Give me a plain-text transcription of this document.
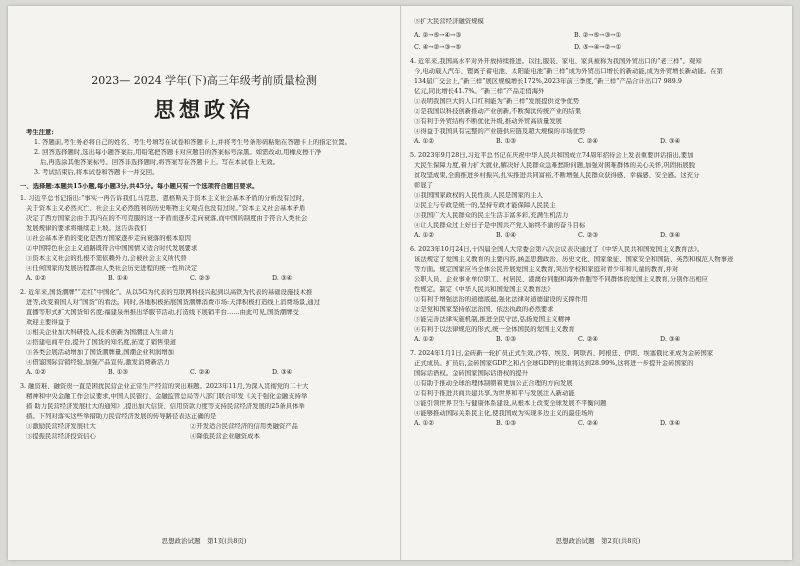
2023— 2024 学年(下)高三年级考前质量检测
思想政治
考生注意:
1. 答题前,考生务必将自己的姓名、考生号填写在试卷和答题卡上,并将考生号条形码粘贴在答题卡上的指定位置。
2. 回答选择题时,选出每小题答案后,用铅笔把答题卡对应题目的答案标号涂黑。如需改动,用橡皮擦干净
后,再选涂其他答案标号。回答非选择题时,将答案写在答题卡上。写在本试卷上无效。
3. 考试结束后,将本试卷和答题卡一并交回。
一、选择题:本题共15小题,每小题3分,共45分。每小题只有一个选项符合题目要求。
1. 习近平总书记指出:“事实一再告诉我们,马克思、恩格斯关于资本主义社会基本矛盾的分析没有过时,
关于资本主义必然灭亡、社会主义必然胜利的历史唯物主义观点也没有过时。”资本主义社会基本矛盾
决定了西方国家会由于其内在的不可克服的这一矛盾而逐步走向衰落,而中国的制度由于符合人类社会
发展规律的要求将继续走上坡。这告诉我们
①社会基本矛盾的变化是西方国家逐步走向衰落的根本原因
②中国特色社会主义道路既符合中国国情又适合时代发展要求
③资本主义社会的扎根不需依赖外力,会被社会主义所代替
④任何国家的发展历程都由人类社会历史进程的统一性所决定
A. ①②	B. ①④	C. ②③	D. ③④
2. 近年来,国货潮牌"“走红”中国化”。从以5G为代表的互联网科技兴起到以高铁为代表的基础设施技术推
进等,改变着国人对“国货”的看法。同时,各地积极拓展国货潮牌消费市场:天津积极打造线上消费场景,通过
直播等形式扩大国货知名度;福建泉州推出华服节活动,打造线下展销平台……由此可见,国货潮牌受
欢迎主要得益于
①相关企业加大科研投入,技术创新为国潮注入生命力
②搭建电商平台,提升了国货的知名度,拓宽了销售渠道
③各类会展活动增加了国货潮牌量,国潮企业利润增加
④借鉴国际营销经验,加强产品宣传,激发消费新活力
A. ①②	B. ①③	C. ②④	D. ③④
3. 融资难、融资贵一直是困扰民营企业正常生产经营的突出难题。2023年11月,为深入贯彻党的二十大
精神和中央金融工作会议要求,中国人民银行、金融监管总局等八部门联合印发《关于强化金融支持举
措 助力民营经济发展壮大的通知》,提出加大信贷、信用贷款力度等支持民营经济发展的25条具体举
措。下列对落实这些举措助力民营经济发展的传导路径表达正确的是
①激励民营经济发展壮大	②开发适合民营经济的信用类融资产品
③提振民营经济投资信心	④降低民营企业融资成本
思想政治试题　第1页(共8页)
⑤扩大民营经济融资规模
A. ②→⑤→④→③	B. ②→⑤→③→①
C. ④→②→③→⑤	D. ⑤→④→②→①
4. 近年来,我国高水平对外开放持续推进。以往,服装、家电、家具被称为我国外贸出口的“老三样”。观知
今,电动载人汽车、锂离子蓄电池、太阳能电池“新三样”成为外贸出口增长的新动能,成为外贸增长新动能。在第
134届广交会上,“新三样”展区规模增长172%,2023年前三季度,“新三样”产品合计出口7 989.9
亿元,同比增长41.7%。“新三样”产品走俏海外
①表明我国巨大的人口红利能为“新三样”发展提供竞争优势
②是我国以科技创新推动产业创新,不断淘汰传统产业的结果
③有利于外贸结构不断优化升级,推动外贸高质量发展
④得益于我国具有完整的产业链供应链及超大规模的市场优势
A. ①②	B. ①③	C. ②④	D. ③④
5. 2023年9月28日,习近平总书记在庆祝中华人民共和国成立74周年招待会上发表重要讲话指出,要加
大民生保障力度,着力扩大就业,解决好人民群众急难愁盼问题,加强对困难群体的关心关怀,巩固拓展脱
贫攻坚成果,全面推进乡村振兴,扎实推进共同富裕,不断增强人民群众获得感、幸福感、安全感。这充分
彰显了
①我国国家政权的人民性质,人民是国家的主人
②民主与专政是统一的,坚持专政才能保障人民民主
③我国广大人民群众的民主生活丰富多彩,充满生机活力
④让人民群众过上好日子是中国共产党人始终不渝的奋斗目标
A. ①②	B. ①④	C. ②③	D. ③④
6. 2023年10月24日,十四届全国人大常委会第六次会议表决通过了《中华人民共和国爱国主义教育法》。
该法规定了爱国主义教育的主要内容,涵盖思想政治、历史文化、国家象征、国家安全和国防、英烈和模范人物事迹
等方面。规定国家应当全体公民开展爱国主义教育,突出学校和家庭对青少年和儿童的教育,并对
公职人员、企业事业单位职工、村居民、港澳台同胞和海外侨胞等不同群体的爱国主义教育,分别作出相应
性规定。制定《中华人民共和国爱国主义教育法》
①有利于增强法治的道德底蕴,强化法律对道德建设的支撑作用
②是党和国家坚持依法治国、依法执政的必然要求
③能完善法律实施机制,推进全民守法,弘扬爱国主义精神
④有利于以法律规范的形式,统一全体国民的爱国主义教育
A. ①②	B. ①③	C. ②④	D. ③④
7. 2024年1月1日,金砖新一轮扩员正式生效,沙特、埃及、阿联酋、阿根廷、伊朗、埃塞俄比亚成为金砖国家
正式成员。扩员后,金砖国家GDP之和占全球GDP的比重将达到28.99%,这将进一步提升金砖国家的
国际话语权。金砖国家国际话语权的提升
①有助于推动全球治理体制朝着更加公正合理的方向发展
②有利于推进共商共建共享,为世界和平与发展注入新动能
③能引领世界卫生与健康体系建设,从根本上改变全球发展不平衡问题
④能够推动国际关系民主化,使我国成为实现多边主义的最佳场所
A. ①②	B. ①③	C. ②④	D. ③④
思想政治试题　第2页(共8页)
